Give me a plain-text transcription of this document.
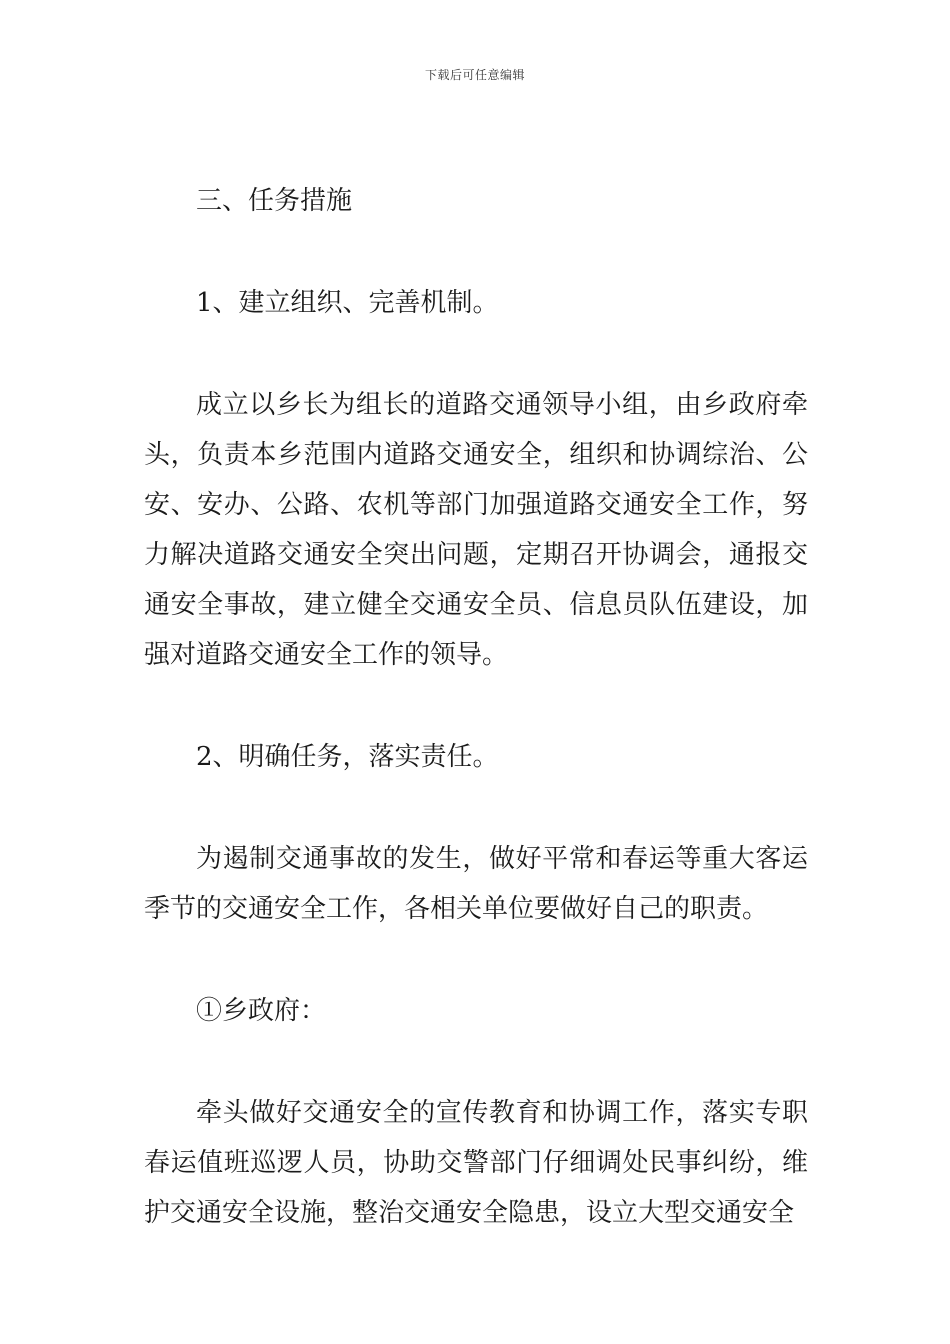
下载后可任意编辑

三、任务措施

1、建立组织、完善机制。

成立以乡长为组长的道路交通领导小组，由乡政府牵头，负责本乡范围内道路交通安全，组织和协调综治、公安、安办、公路、农机等部门加强道路交通安全工作，努力解决道路交通安全突出问题，定期召开协调会，通报交通安全事故，建立健全交通安全员、信息员队伍建设，加强对道路交通安全工作的领导。

2、明确任务，落实责任。

为遏制交通事故的发生，做好平常和春运等重大客运季节的交通安全工作，各相关单位要做好自己的职责。

①乡政府：

牵头做好交通安全的宣传教育和协调工作，落实专职春运值班巡逻人员，协助交警部门仔细调处民事纠纷，维护交通安全设施，整治交通安全隐患，设立大型交通安全
